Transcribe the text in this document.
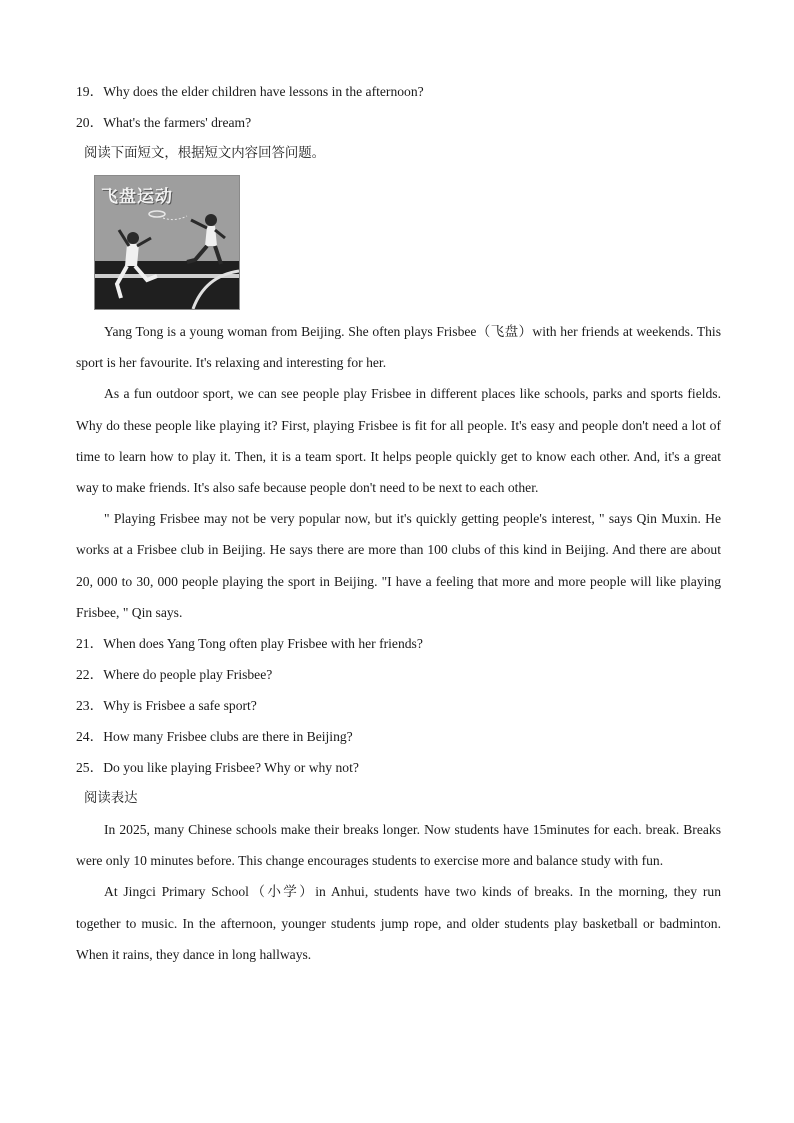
19．Why does the elder children have lessons in the afternoon?

20．What's the farmers' dream?

阅读下面短文，根据短文内容回答问题。

飞盘运动

Yang Tong is a young woman from Beijing. She often plays Frisbee（飞盘）with her friends at weekends. This sport is her favourite. It's relaxing and interesting for her.

As a fun outdoor sport, we can see people play Frisbee in different places like schools, parks and sports fields. Why do these people like playing it? First, playing Frisbee is fit for all people. It's easy and people don't need a lot of time to learn how to play it. Then, it is a team sport. It helps people quickly get to know each other. And, it's a great way to make friends. It's also safe because people don't need to be next to each other.

" Playing Frisbee may not be very popular now, but it's quickly getting people's interest, " says Qin Muxin. He works at a Frisbee club in Beijing. He says there are more than 100 clubs of this kind in Beijing. And there are about 20, 000 to 30, 000 people playing the sport in Beijing. "I have a feeling that more and more people will like playing Frisbee, " Qin says.

21．When does Yang Tong often play Frisbee with her friends?

22．Where do people play Frisbee?

23．Why is Frisbee a safe sport?

24．How many Frisbee clubs are there in Beijing?

25．Do you like playing Frisbee? Why or why not?

阅读表达

In 2025, many Chinese schools make their breaks longer. Now students have 15minutes for each. break. Breaks were only 10 minutes before. This change encourages students to exercise more and balance study with fun.

At Jingci Primary School（小学）in Anhui, students have two kinds of breaks. In the morning, they run together to music. In the afternoon, younger students jump rope, and older students play basketball or badminton. When it rains, they dance in long hallways.
